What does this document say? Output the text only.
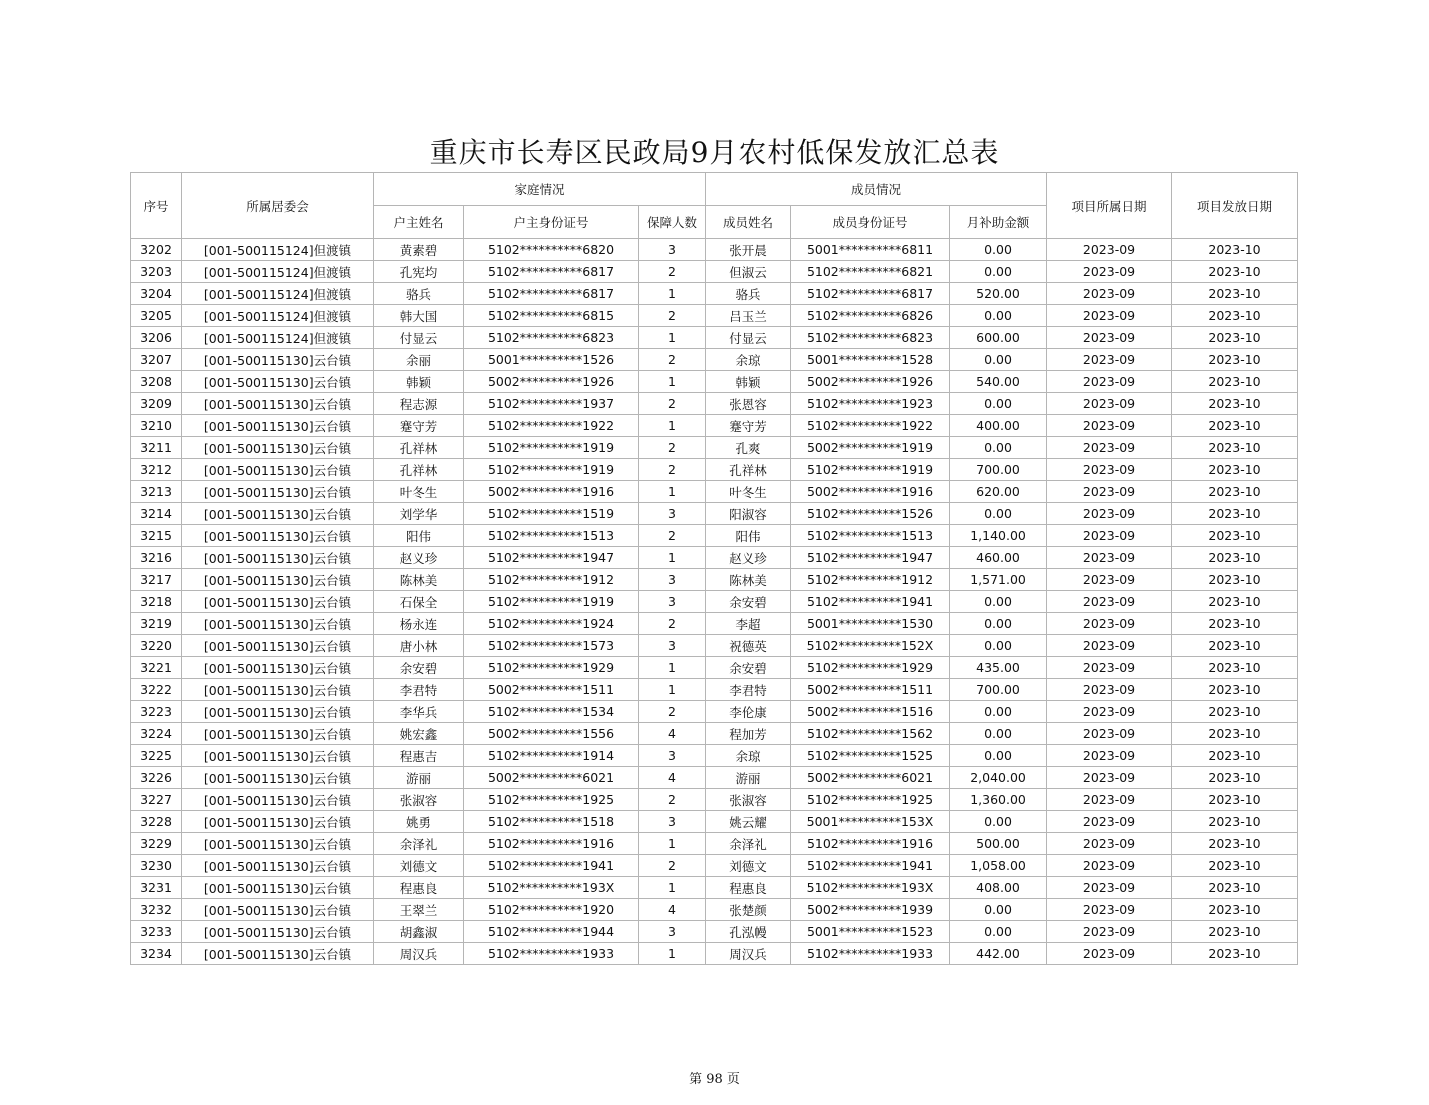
重庆市长寿区民政局9月农村低保发放汇总表
序号	所属居委会	家庭情况			成员情况			项目所属日期	项目发放日期
		户主姓名	户主身份证号	保障人数	成员姓名	成员身份证号	月补助金额		
3202	[001-500115124]但渡镇	黄素碧	5102**********6820	3	张开晨	5001**********6811	0.00	2023-09	2023-10
3203	[001-500115124]但渡镇	孔宪均	5102**********6817	2	但淑云	5102**********6821	0.00	2023-09	2023-10
3204	[001-500115124]但渡镇	骆兵	5102**********6817	1	骆兵	5102**********6817	520.00	2023-09	2023-10
3205	[001-500115124]但渡镇	韩大国	5102**********6815	2	吕玉兰	5102**********6826	0.00	2023-09	2023-10
3206	[001-500115124]但渡镇	付显云	5102**********6823	1	付显云	5102**********6823	600.00	2023-09	2023-10
3207	[001-500115130]云台镇	余丽	5001**********1526	2	余琼	5001**********1528	0.00	2023-09	2023-10
3208	[001-500115130]云台镇	韩颖	5002**********1926	1	韩颖	5002**********1926	540.00	2023-09	2023-10
3209	[001-500115130]云台镇	程志源	5102**********1937	2	张恩容	5102**********1923	0.00	2023-09	2023-10
3210	[001-500115130]云台镇	蹇守芳	5102**********1922	1	蹇守芳	5102**********1922	400.00	2023-09	2023-10
3211	[001-500115130]云台镇	孔祥林	5102**********1919	2	孔爽	5002**********1919	0.00	2023-09	2023-10
3212	[001-500115130]云台镇	孔祥林	5102**********1919	2	孔祥林	5102**********1919	700.00	2023-09	2023-10
3213	[001-500115130]云台镇	叶冬生	5002**********1916	1	叶冬生	5002**********1916	620.00	2023-09	2023-10
3214	[001-500115130]云台镇	刘学华	5102**********1519	3	阳淑容	5102**********1526	0.00	2023-09	2023-10
3215	[001-500115130]云台镇	阳伟	5102**********1513	2	阳伟	5102**********1513	1,140.00	2023-09	2023-10
3216	[001-500115130]云台镇	赵义珍	5102**********1947	1	赵义珍	5102**********1947	460.00	2023-09	2023-10
3217	[001-500115130]云台镇	陈林美	5102**********1912	3	陈林美	5102**********1912	1,571.00	2023-09	2023-10
3218	[001-500115130]云台镇	石保全	5102**********1919	3	余安碧	5102**********1941	0.00	2023-09	2023-10
3219	[001-500115130]云台镇	杨永连	5102**********1924	2	李超	5001**********1530	0.00	2023-09	2023-10
3220	[001-500115130]云台镇	唐小林	5102**********1573	3	祝德英	5102**********152X	0.00	2023-09	2023-10
3221	[001-500115130]云台镇	余安碧	5102**********1929	1	余安碧	5102**********1929	435.00	2023-09	2023-10
3222	[001-500115130]云台镇	李君特	5002**********1511	1	李君特	5002**********1511	700.00	2023-09	2023-10
3223	[001-500115130]云台镇	李华兵	5102**********1534	2	李伦康	5002**********1516	0.00	2023-09	2023-10
3224	[001-500115130]云台镇	姚宏鑫	5002**********1556	4	程加芳	5102**********1562	0.00	2023-09	2023-10
3225	[001-500115130]云台镇	程惠吉	5102**********1914	3	余琼	5102**********1525	0.00	2023-09	2023-10
3226	[001-500115130]云台镇	游丽	5002**********6021	4	游丽	5002**********6021	2,040.00	2023-09	2023-10
3227	[001-500115130]云台镇	张淑容	5102**********1925	2	张淑容	5102**********1925	1,360.00	2023-09	2023-10
3228	[001-500115130]云台镇	姚勇	5102**********1518	3	姚云耀	5001**********153X	0.00	2023-09	2023-10
3229	[001-500115130]云台镇	余泽礼	5102**********1916	1	余泽礼	5102**********1916	500.00	2023-09	2023-10
3230	[001-500115130]云台镇	刘德文	5102**********1941	2	刘德文	5102**********1941	1,058.00	2023-09	2023-10
3231	[001-500115130]云台镇	程惠良	5102**********193X	1	程惠良	5102**********193X	408.00	2023-09	2023-10
3232	[001-500115130]云台镇	王翠兰	5102**********1920	4	张楚颜	5002**********1939	0.00	2023-09	2023-10
3233	[001-500115130]云台镇	胡鑫淑	5102**********1944	3	孔泓幔	5001**********1523	0.00	2023-09	2023-10
3234	[001-500115130]云台镇	周汉兵	5102**********1933	1	周汉兵	5102**********1933	442.00	2023-09	2023-10
第 98 页
